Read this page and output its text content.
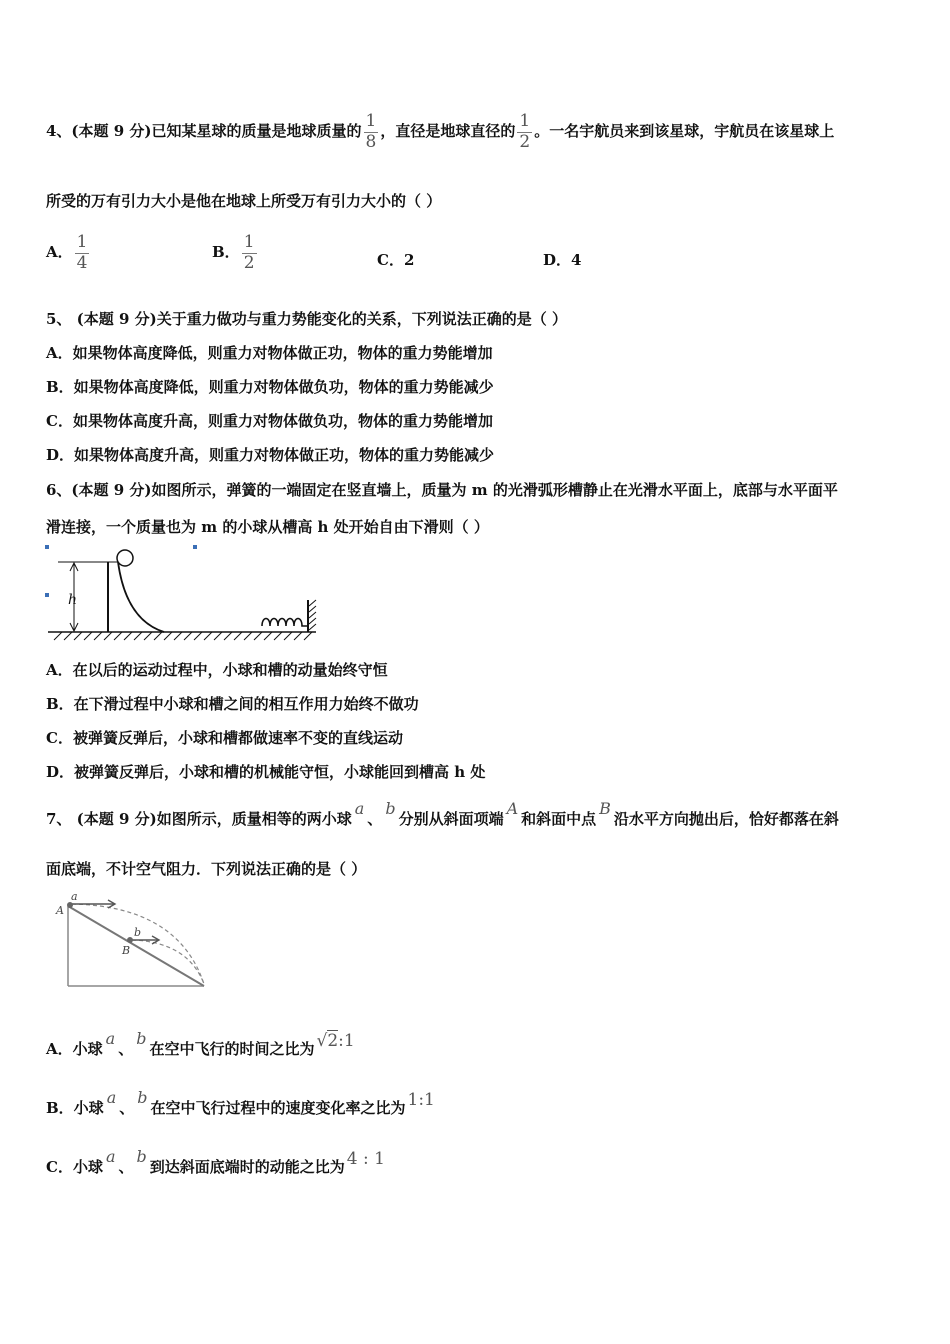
4、(本题 9 分)已知某星球的质量是地球质量的 $\frac{1}{8}$ ，直径是地球直径的 $\frac{1}{2}$ 。一名宇航员来到该星球，宇航员在该星球上
所受的万有引力大小是他在地球上所受万有引力大小的（ ）
A． $\frac{1}{4}$	B． $\frac{1}{2}$	C．2	D．4
5、 (本题 9 分)关于重力做功与重力势能变化的关系，下列说法正确的是（ ）
A．如果物体高度降低，则重力对物体做正功，物体的重力势能增加
B．如果物体高度降低，则重力对物体做负功，物体的重力势能减少
C．如果物体高度升高，则重力对物体做负功，物体的重力势能增加
D．如果物体高度升高，则重力对物体做正功，物体的重力势能减少
6、(本题 9 分)如图所示，弹簧的一端固定在竖直墙上，质量为 m 的光滑弧形槽静止在光滑水平面上，底部与水平面平
滑连接，一个质量也为 m 的小球从槽高 h 处开始自由下滑则（ ）
h
A．在以后的运动过程中，小球和槽的动量始终守恒
B．在下滑过程中小球和槽之间的相互作用力始终不做功
C．被弹簧反弹后，小球和槽都做速率不变的直线运动
D．被弹簧反弹后，小球和槽的机械能守恒，小球能回到槽高 h 处
7、 (本题 9 分)如图所示，质量相等的两小球a、b分别从斜面项端A和斜面中点B沿水平方向抛出后，恰好都落在斜
面底端，不计空气阻力．下列说法正确的是（ ）
a
A
b
B
A．小球a、b在空中飞行的时间之比为 √2:1
B．小球a、b在空中飞行过程中的速度变化率之比为 1:1
C．小球a、b到达斜面底端时的动能之比为 4 : 1
